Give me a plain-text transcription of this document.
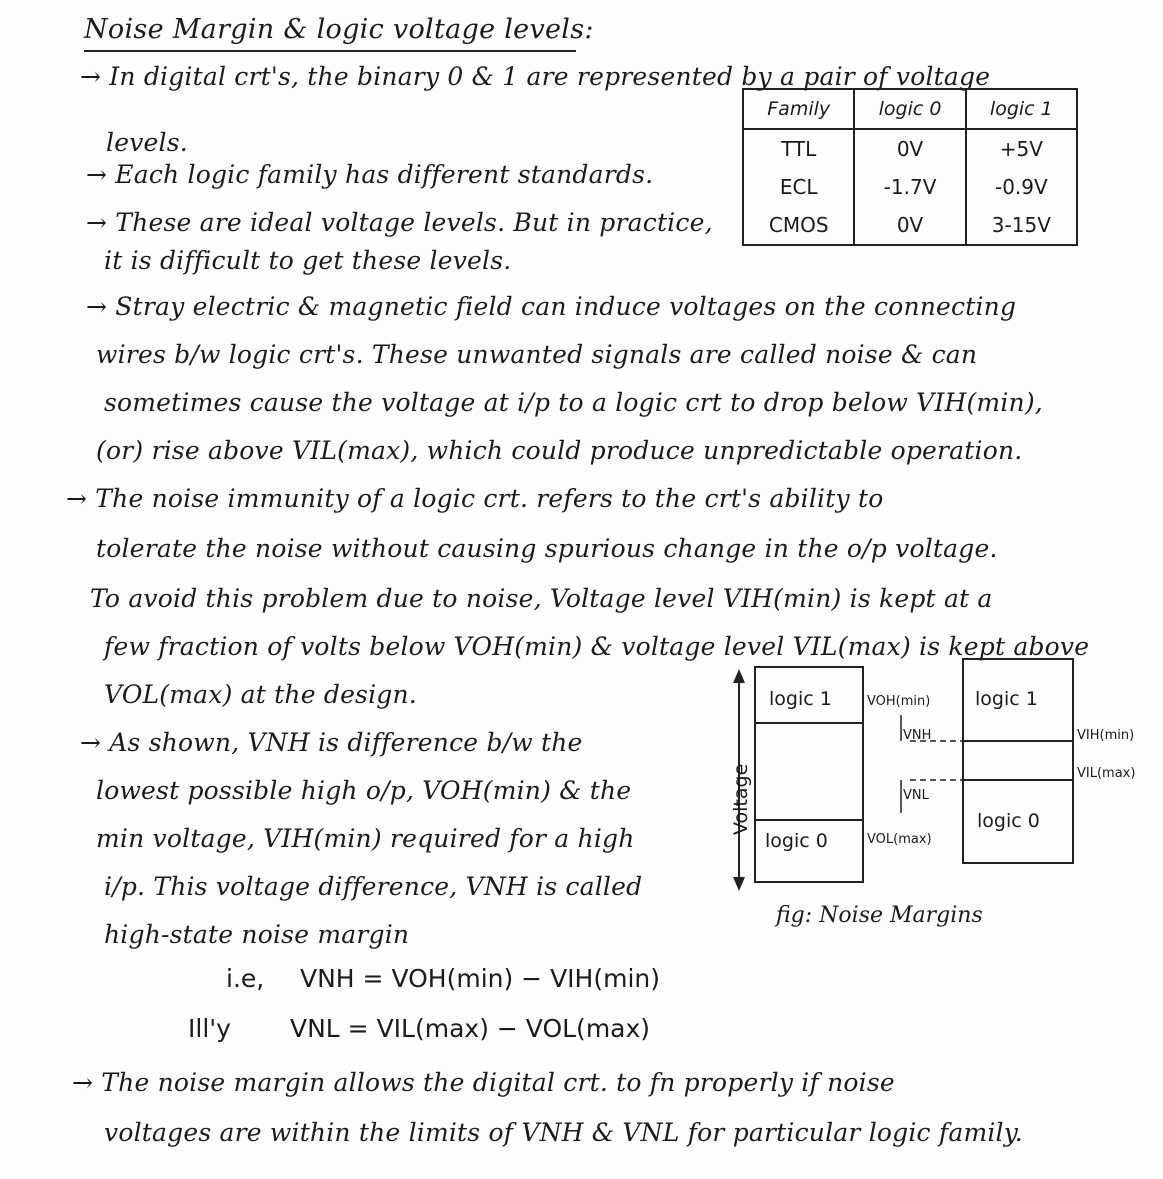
Noise Margin & logic voltage levels:
→ In digital crt's, the binary 0 & 1 are represented by a pair of voltage
levels.
→ Each logic family has different standards.
→ These are ideal voltage levels. But in practice,
it is difficult to get these levels.
→ Stray electric & magnetic field can induce voltages on the connecting
wires b/w logic crt's. These unwanted signals are called noise & can
sometimes cause the voltage at i/p to a logic crt to drop below VIH(min),
(or) rise above VIL(max), which could produce unpredictable operation.
→ The noise immunity of a logic crt. refers to the crt's ability to
tolerate the noise without causing spurious change in the o/p voltage.
To avoid this problem due to noise, Voltage level VIH(min) is kept at a
few fraction of volts below VOH(min) & voltage level VIL(max) is kept above
VOL(max) at the design.
→ As shown, VNH is difference b/w the
lowest possible high o/p, VOH(min) & the
min voltage, VIH(min) required for a high
i/p. This voltage difference, VNH is called
high-state noise margin
Family	logic 0	logic 1
TTL	0V	+5V
ECL	-1.7V	-0.9V
CMOS	0V	3-15V
Voltage
logic 1
logic 0
logic 1
logic 0
VOH(min)
VNH
VNL
VOL(max)
VIH(min)
VIL(max)
fig: Noise Margins
i.e, VNH = VOH(min) − VIH(min)
Ill'y VNL = VIL(max) − VOL(max)
→ The noise margin allows the digital crt. to fn properly if noise
voltages are within the limits of VNH & VNL for particular logic family.
